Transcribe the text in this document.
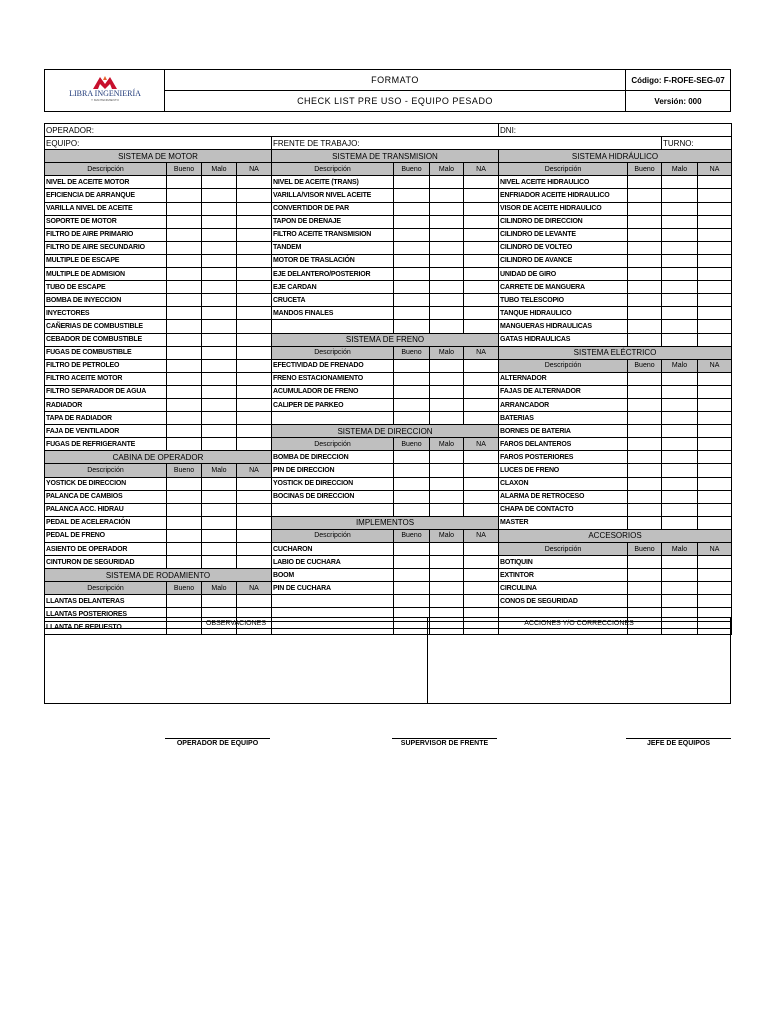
LIBRA INGENIERÍA
Y MANTENIMIENTO
FORMATO
CHECK LIST PRE USO - EQUIPO PESADO
Código: F-ROFE-SEG-07
Versión: 000
OPERADOR:								DNI:			
EQUIPO:				FRENTE DE TRABAJO:						TURNO:	
SISTEMA DE MOTOR				SISTEMA DE TRANSMISION				SISTEMA HIDRÁULICO			
Descripción	Bueno	Malo	NA	Descripción	Bueno	Malo	NA	Descripción	Bueno	Malo	NA
NIVEL DE ACEITE MOTOR				NIVEL DE ACEITE (TRANS)				NIVEL ACEITE HIDRAULICO			
EFICIENCIA DE ARRANQUE				VARILLA/VISOR NIVEL ACEITE				ENFRIADOR ACEITE HIDRAULICO			
VARILLA NIVEL DE ACEITE				CONVERTIDOR DE PAR				VISOR DE ACEITE HIDRAULICO			
SOPORTE DE MOTOR				TAPON DE DRENAJE				CILINDRO DE DIRECCION			
FILTRO DE AIRE PRIMARIO				FILTRO ACEITE TRANSMISION				CILINDRO DE LEVANTE			
FILTRO DE AIRE SECUNDARIO				TANDEM				CILINDRO DE VOLTEO			
MULTIPLE DE ESCAPE				MOTOR DE TRASLACIÓN				CILINDRO DE AVANCE			
MULTIPLE DE ADMISION				EJE DELANTERO/POSTERIOR				UNIDAD DE GIRO			
TUBO DE ESCAPE				EJE CARDAN				CARRETE DE MANGUERA			
BOMBA DE INYECCION				CRUCETA				TUBO TELESCOPIO			
INYECTORES				MANDOS FINALES				TANQUE HIDRAULICO			
CAÑERIAS DE COMBUSTIBLE								MANGUERAS HIDRAULICAS			
CEBADOR DE COMBUSTIBLE				SISTEMA DE FRENO				GATAS HIDRAULICAS			
FUGAS DE COMBUSTIBLE				Descripción	Bueno	Malo	NA	SISTEMA ELÉCTRICO			
FILTRO DE PETROLEO				EFECTIVIDAD DE FRENADO				Descripción	Bueno	Malo	NA
FILTRO ACEITE MOTOR				FRENO ESTACIONAMIENTO				ALTERNADOR			
FILTRO SEPARADOR DE AGUA				ACUMULADOR DE FRENO				FAJAS DE ALTERNADOR			
RADIADOR				CALIPER DE PARKEO				ARRANCADOR			
TAPA DE RADIADOR								BATERIAS			
FAJA DE VENTILADOR				SISTEMA DE DIRECCION				BORNES DE BATERIA			
FUGAS DE REFRIGERANTE				Descripción	Bueno	Malo	NA	FAROS DELANTEROS			
CABINA DE OPERADOR				BOMBA DE DIRECCION				FAROS POSTERIORES			
Descripción	Bueno	Malo	NA	PIN DE DIRECCION				LUCES DE FRENO			
YOSTICK DE DIRECCION				YOSTICK DE DIRECCION				CLAXON			
PALANCA DE CAMBIOS				BOCINAS DE DIRECCION				ALARMA DE RETROCESO			
PALANCA ACC. HIDRAU								CHAPA DE CONTACTO			
PEDAL DE ACELERACIÓN				IMPLEMENTOS				MASTER			
PEDAL DE FRENO				Descripción	Bueno	Malo	NA	ACCESORIOS			
ASIENTO DE OPERADOR				CUCHARON				Descripción	Bueno	Malo	NA
CINTURON DE SEGURIDAD				LABIO DE CUCHARA				BOTIQUIN			
SISTEMA DE RODAMIENTO				BOOM				EXTINTOR			
Descripción	Bueno	Malo	NA	PIN DE CUCHARA				CIRCULINA			
LLANTAS DELANTERAS								CONOS DE SEGURIDAD			
LLANTAS POSTERIORES											
LLANTA DE REPUESTO											
OBSERVACIONES	ACCIONES Y/O CORRECCIONES
OPERADOR DE EQUIPO	SUPERVISOR DE FRENTE	JEFE DE EQUIPOS
